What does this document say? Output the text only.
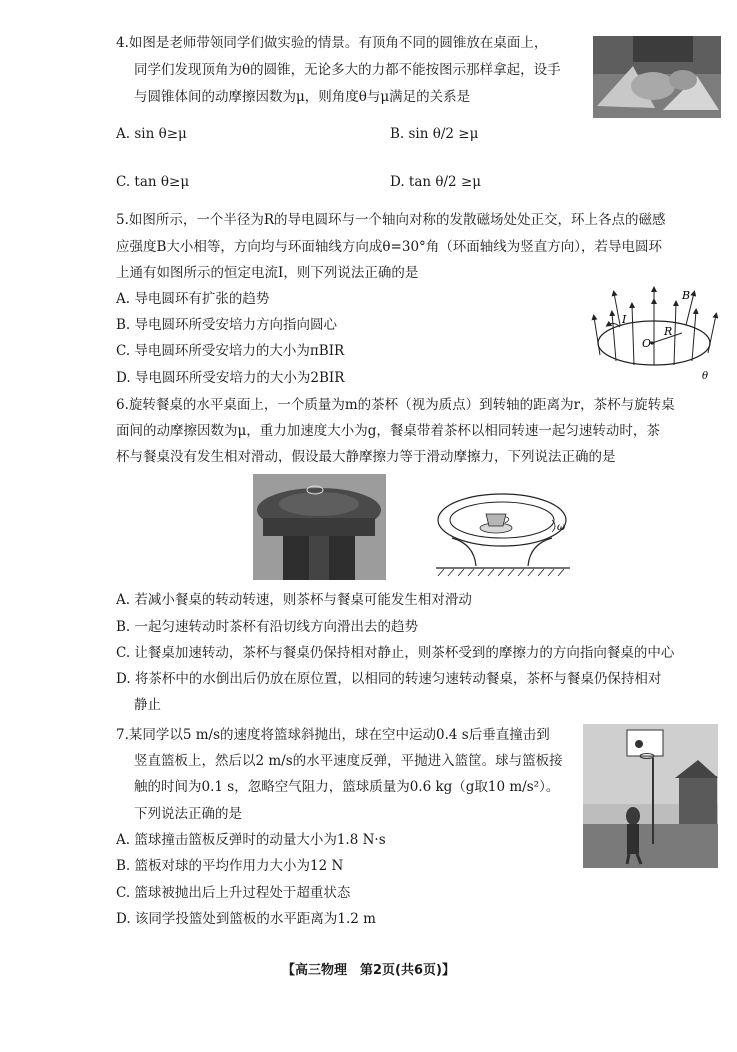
4.如图是老师带领同学们做实验的情景。有顶角不同的圆锥放在桌面上，
同学们发现顶角为θ的圆锥，无论多大的力都不能按图示那样拿起，设手
与圆锥体间的动摩擦因数为μ，则角度θ与μ满足的关系是
A. sin θ≥μ	B. sin θ/2 ≥μ
C. tan θ≥μ	D. tan θ/2 ≥μ
5.如图所示，一个半径为R的导电圆环与一个轴向对称的发散磁场处处正交，环上各点的磁感
应强度B大小相等，方向均与环面轴线方向成θ=30°角（环面轴线为竖直方向），若导电圆环
上通有如图所示的恒定电流I，则下列说法正确的是
A. 导电圆环有扩张的趋势
B. 导电圆环所受安培力方向指向圆心
C. 导电圆环所受安培力的大小为πBIR
D. 导电圆环所受安培力的大小为2BIR
B
I
O
R
θ
6.旋转餐桌的水平桌面上，一个质量为m的茶杯（视为质点）到转轴的距离为r，茶杯与旋转桌
面间的动摩擦因数为μ，重力加速度大小为g，餐桌带着茶杯以相同转速一起匀速转动时，茶
杯与餐桌没有发生相对滑动，假设最大静摩擦力等于滑动摩擦力，下列说法正确的是
ω
A. 若减小餐桌的转动转速，则茶杯与餐桌可能发生相对滑动
B. 一起匀速转动时茶杯有沿切线方向滑出去的趋势
C. 让餐桌加速转动，茶杯与餐桌仍保持相对静止，则茶杯受到的摩擦力的方向指向餐桌的中心
D. 将茶杯中的水倒出后仍放在原位置，以相同的转速匀速转动餐桌，茶杯与餐桌仍保持相对
静止
7.某同学以5 m/s的速度将篮球斜抛出，球在空中运动0.4 s后垂直撞击到
竖直篮板上，然后以2 m/s的水平速度反弹，平抛进入篮筐。球与篮板接
触的时间为0.1 s，忽略空气阻力，篮球质量为0.6 kg（g取10 m/s²）。
下列说法正确的是
A. 篮球撞击篮板反弹时的动量大小为1.8 N·s
B. 篮板对球的平均作用力大小为12 N
C. 篮球被抛出后上升过程处于超重状态
D. 该同学投篮处到篮板的水平距离为1.2 m
【高三物理　第2页(共6页)】
